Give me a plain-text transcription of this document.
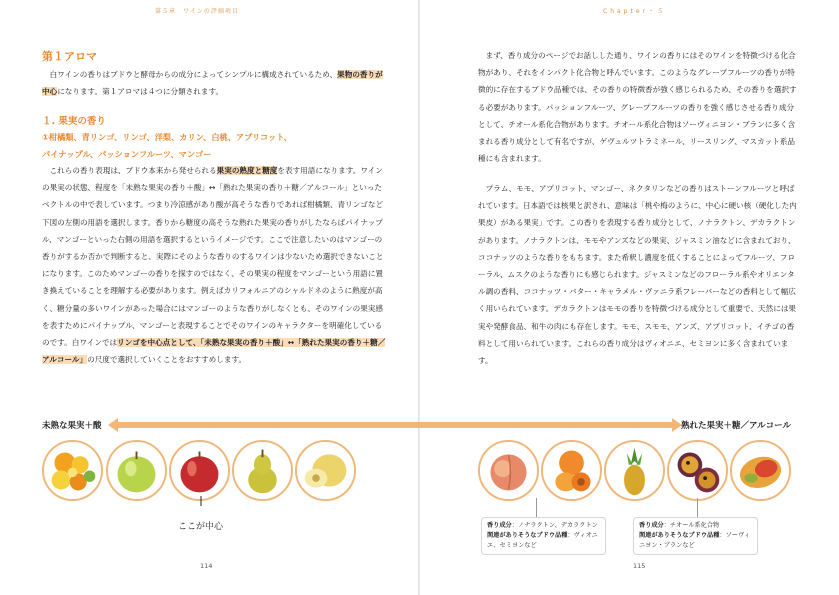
第５章　ワインの評価項目
第１アロマ
　白ワインの香りはブドウと酵母からの成分によってシンプルに構成されているため、果物の香りが中心になります。第１アロマは４つに分類されます。
１. 果実の香り
①柑橘類、青リンゴ、リンゴ、洋梨、カリン、白桃、アプリコット、
パイナップル、パッションフルーツ、マンゴー
　これらの香り表現は、ブドウ本来から発せられる果実の熟度と糖度を表す用語になります。ワインの果実の状態、程度を「未熟な果実の香り＋酸」↔「熟れた果実の香り＋糖／アルコール」といったベクトルの中で表しています。つまり冷涼感があり酸が高そうな香りであれば柑橘類、青リンゴなど下図の左側の用語を選択します。香りから糖度の高そうな熟れた果実の香りがしたならばパイナップル、マンゴーといった右側の用語を選択するというイメージです。ここで注意したいのはマンゴーの香りがするか否かで判断すると、実際にそのような香りのするワインは少ないため選択できないことになります。このためマンゴーの香りを探すのではなく、その果実の程度をマンゴーという用語に置き換えていることを理解する必要があります。例えばカリフォルニアのシャルドネのように熟度が高く、糖分量の多いワインがあった場合にはマンゴーのような香りがしなくとも、そのワインの果実感を表すためにパイナップル、マンゴーと表現することでそのワインのキャラクターを明確化しているのです。白ワインではリンゴを中心点として、「未熟な果実の香り＋酸」↔「熟れた果実の香り＋糖／アルコール」の尺度で選択していくことをおすすめします。
114
Chapter・５
　まず、香り成分のページでお話しした通り、ワインの香りにはそのワインを特徴づける化合物があり、それをインパクト化合物と呼んでいます。このようなグレープフルーツの香りが特徴的に存在するブドウ品種では、その香りの特徴香が強く感じられるため、その香りを選択する必要があります。パッションフルーツ、グレープフルーツの香りを強く感じさせる香り成分として、チオール系化合物があります。チオール系化合物はソーヴィニヨン・ブランに多く含まれる香り成分として有名ですが、ゲヴュルツトラミネール、リースリング、マスカット系品種にも含まれます。
　プラム、モモ、アプリコット、マンゴー、ネクタリンなどの香りはストーンフルーツと呼ばれています。日本語では核果と訳され、意味は「桃や梅のように、中心に硬い核（硬化した内果皮）がある果実」です。この香りを表現する香り成分として、ノナラクトン、デカラクトンがあります。ノナラクトンは、モモやアンズなどの果実、ジャスミン油などに含まれており、ココナッツのような香りをもちます。また希釈し濃度を低くすることによってフルーツ、フローラル、ムスクのような香りにも感じられます。ジャスミンなどのフローラル系やオリエンタル調の香料、ココナッツ・バター・キャラメル・ヴァニラ系フレーバーなどの香料として幅広く用いられています。デカラクトンはモモの香りを特徴づける成分として重要で、天然には果実や発酵食品、和牛の肉にも存在します。モモ、スモモ、アンズ、アプリコット、イチゴの香料として用いられています。これらの香り成分はヴィオニエ、セミヨンに多く含まれています。
115
未熟な果実＋酸	熟れた果実＋糖／アルコール
ここが中心	香り成分：ノナラクトン、デカラクトン
関連がありそうなブドウ品種：ヴィオニエ、セミヨンなど
香り成分：チオール系化合物
関連がありそうなブドウ品種：ソーヴィニヨン・ブランなど
